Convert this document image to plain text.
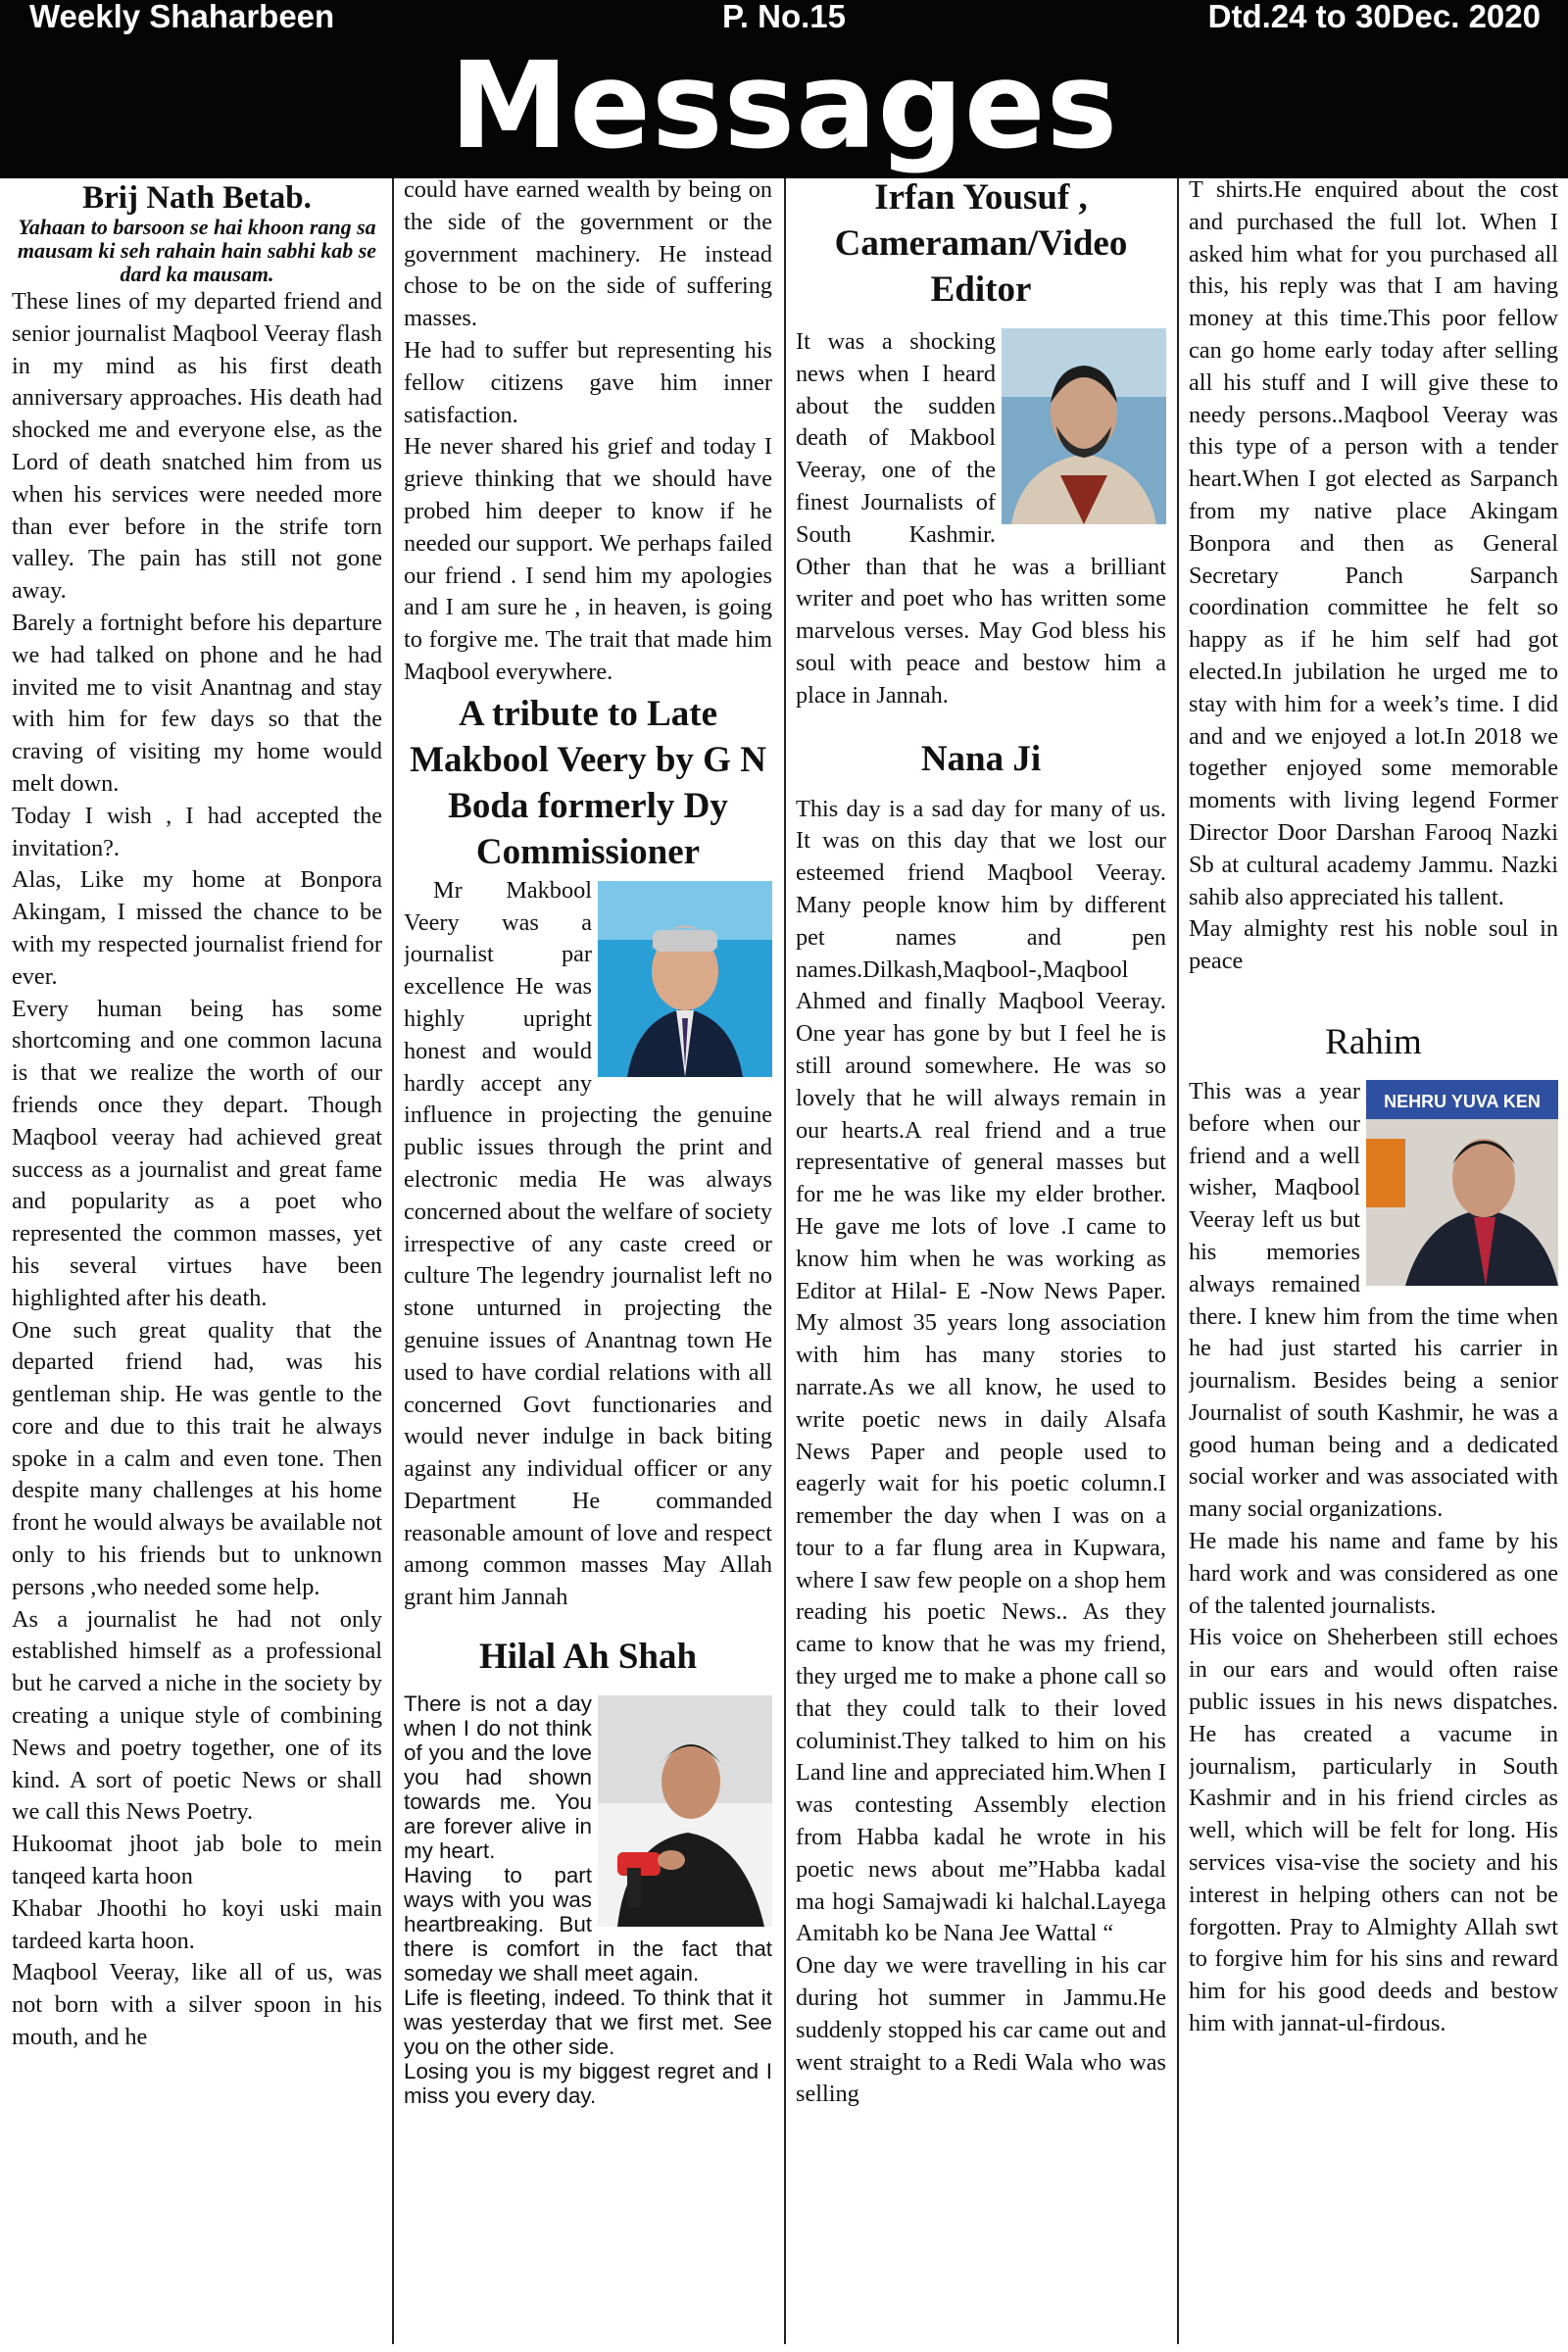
Weekly Shaharbeen	P. No.15	Dtd.24 to 30Dec. 2020
Messages
Brij Nath Betab.

Yahaan to barsoon se hai khoon rang sa mausam ki seh rahain hain sabhi kab se dard ka mausam.

These lines of my departed friend and senior journalist Maqbool Veeray flash in my mind as his first death anniversary approaches. His death had shocked me and everyone else, as the Lord of death snatched him from us when his services were needed more than ever before in the strife torn valley. The pain has still not gone away.

Barely a fortnight before his departure we had talked on phone and he had invited me to visit Anantnag and stay with him for few days so that the craving of visiting my home would melt down.

Today I wish , I had accepted the invitation?.

Alas, Like my home at Bonpora Akingam, I missed the chance to be with my respected journalist friend for ever.

Every human being has some shortcoming and one common lacuna is that we realize the worth of our friends once they depart. Though Maqbool veeray had achieved great success as a journalist and great fame and popularity as a poet who represented the common masses, yet his several virtues have been highlighted after his death.

One such great quality that the departed friend had, was his gentleman ship. He was gentle to the core and due to this trait he always spoke in a calm and even tone. Then despite many challenges at his home front he would always be available not only to his friends but to unknown persons ,who needed some help.

As a journalist he had not only established himself as a professional but he carved a niche in the society by creating a unique style of combining News and poetry together, one of its kind. A sort of poetic News or shall we call this News Poetry.

Hukoomat jhoot jab bole to mein tanqeed karta hoon

Khabar Jhoothi ho koyi uski main tardeed karta hoon.

Maqbool Veeray, like all of us, was not born with a silver spoon in his mouth, and he

could have earned wealth by being on the side of the government or the government machinery. He instead chose to be on the side of suffering masses.

He had to suffer but representing his fellow citizens gave him inner satisfaction.

He never shared his grief and today I grieve thinking that we should have probed him deeper to know if he needed our support. We perhaps failed our friend . I send him my apologies and I am sure he , in heaven, is going to forgive me. The trait that made him Maqbool everywhere.

A tribute to Late Makbool Veery by G N Boda formerly Dy Commissioner

Mr Makbool Veery was a journalist par excellence He was highly upright honest and would hardly accept any influence in projecting the genuine public issues through the print and electronic media He was always concerned about the welfare of society irrespective of any caste creed or culture The legendry journalist left no stone unturned in projecting the genuine issues of Anantnag town He used to have cordial relations with all concerned Govt functionaries and would never indulge in back biting against any individual officer or any Department He commanded reasonable amount of love and respect among common masses May Allah grant him Jannah

Hilal Ah Shah

There is not a day when I do not think of you and the love you had shown towards me. You are forever alive in my heart.

Having to part ways with you was heartbreaking. But there is comfort in the fact that someday we shall meet again.

Life is fleeting, indeed. To think that it was yesterday that we first met. See you on the other side.

Losing you is my biggest regret and I miss you every day.

Irfan Yousuf , Cameraman/Video Editor

It was a shocking news when I heard about the sudden death of Makbool Veeray, one of the finest Journalists of South Kashmir. Other than that he was a brilliant writer and poet who has written some marvelous verses. May God bless his soul with peace and bestow him a place in Jannah.

Nana Ji

This day is a sad day for many of us. It was on this day that we lost our esteemed friend Maqbool Veeray. Many people know him by different pet names and pen names.Dilkash,Maqbool-,Maqbool Ahmed and finally Maqbool Veeray. One year has gone by but I feel he is still around somewhere. He was so lovely that he will always remain in our hearts.A real friend and a true representative of general masses but for me he was like my elder brother. He gave me lots of love .I came to know him when he was working as Editor at Hilal- E -Now News Paper. My almost 35 years long association with him has many stories to narrate.As we all know, he used to write poetic news in daily Alsafa News Paper and people used to eagerly wait for his poetic column.I remember the day when I was on a tour to a far flung area in Kupwara, where I saw few people on a shop hem reading his poetic News.. As they came to know that he was my friend, they urged me to make a phone call so that they could talk to their loved columinist.They talked to him on his Land line and appreciated him.When I was contesting Assembly election from Habba kadal he wrote in his poetic news about me”Habba kadal ma hogi Samajwadi ki halchal.Layega Amitabh ko be Nana Jee Wattal “

One day we were travelling in his car during hot summer in Jammu.He suddenly stopped his car came out and went straight to a Redi Wala who was selling

T shirts.He enquired about the cost and purchased the full lot. When I asked him what for you purchased all this, his reply was that I am having money at this time.This poor fellow can go home early today after selling all his stuff and I will give these to needy persons..Maqbool Veeray was this type of a person with a tender heart.When I got elected as Sarpanch from my native place Akingam Bonpora and then as General Secretary Panch Sarpanch coordination committee he felt so happy as if he him self had got elected.In jubilation he urged me to stay with him for a week’s time. I did and and we enjoyed a lot.In 2018 we together enjoyed some memorable moments with living legend Former Director Door Darshan Farooq Nazki Sb at cultural academy Jammu. Nazki sahib also appreciated his tallent.

May almighty rest his noble soul in peace

Rahim
NEHRU YUVA KEN

This was a year before when our friend and a well wisher, Maqbool Veeray left us but his memories always remained there. I knew him from the time when he had just started his carrier in journalism. Besides being a senior Journalist of south Kashmir, he was a good human being and a dedicated social worker and was associated with many social organizations.

He made his name and fame by his hard work and was considered as one of the talented journalists.

His voice on Sheherbeen still echoes in our ears and would often raise public issues in his news dispatches. He has created a vacume in journalism, particularly in South Kashmir and in his friend circles as well, which will be felt for long. His services visa-vise the society and his interest in helping others can not be forgotten. Pray to Almighty Allah swt to forgive him for his sins and reward him for his good deeds and bestow him with jannat-ul-firdous.
